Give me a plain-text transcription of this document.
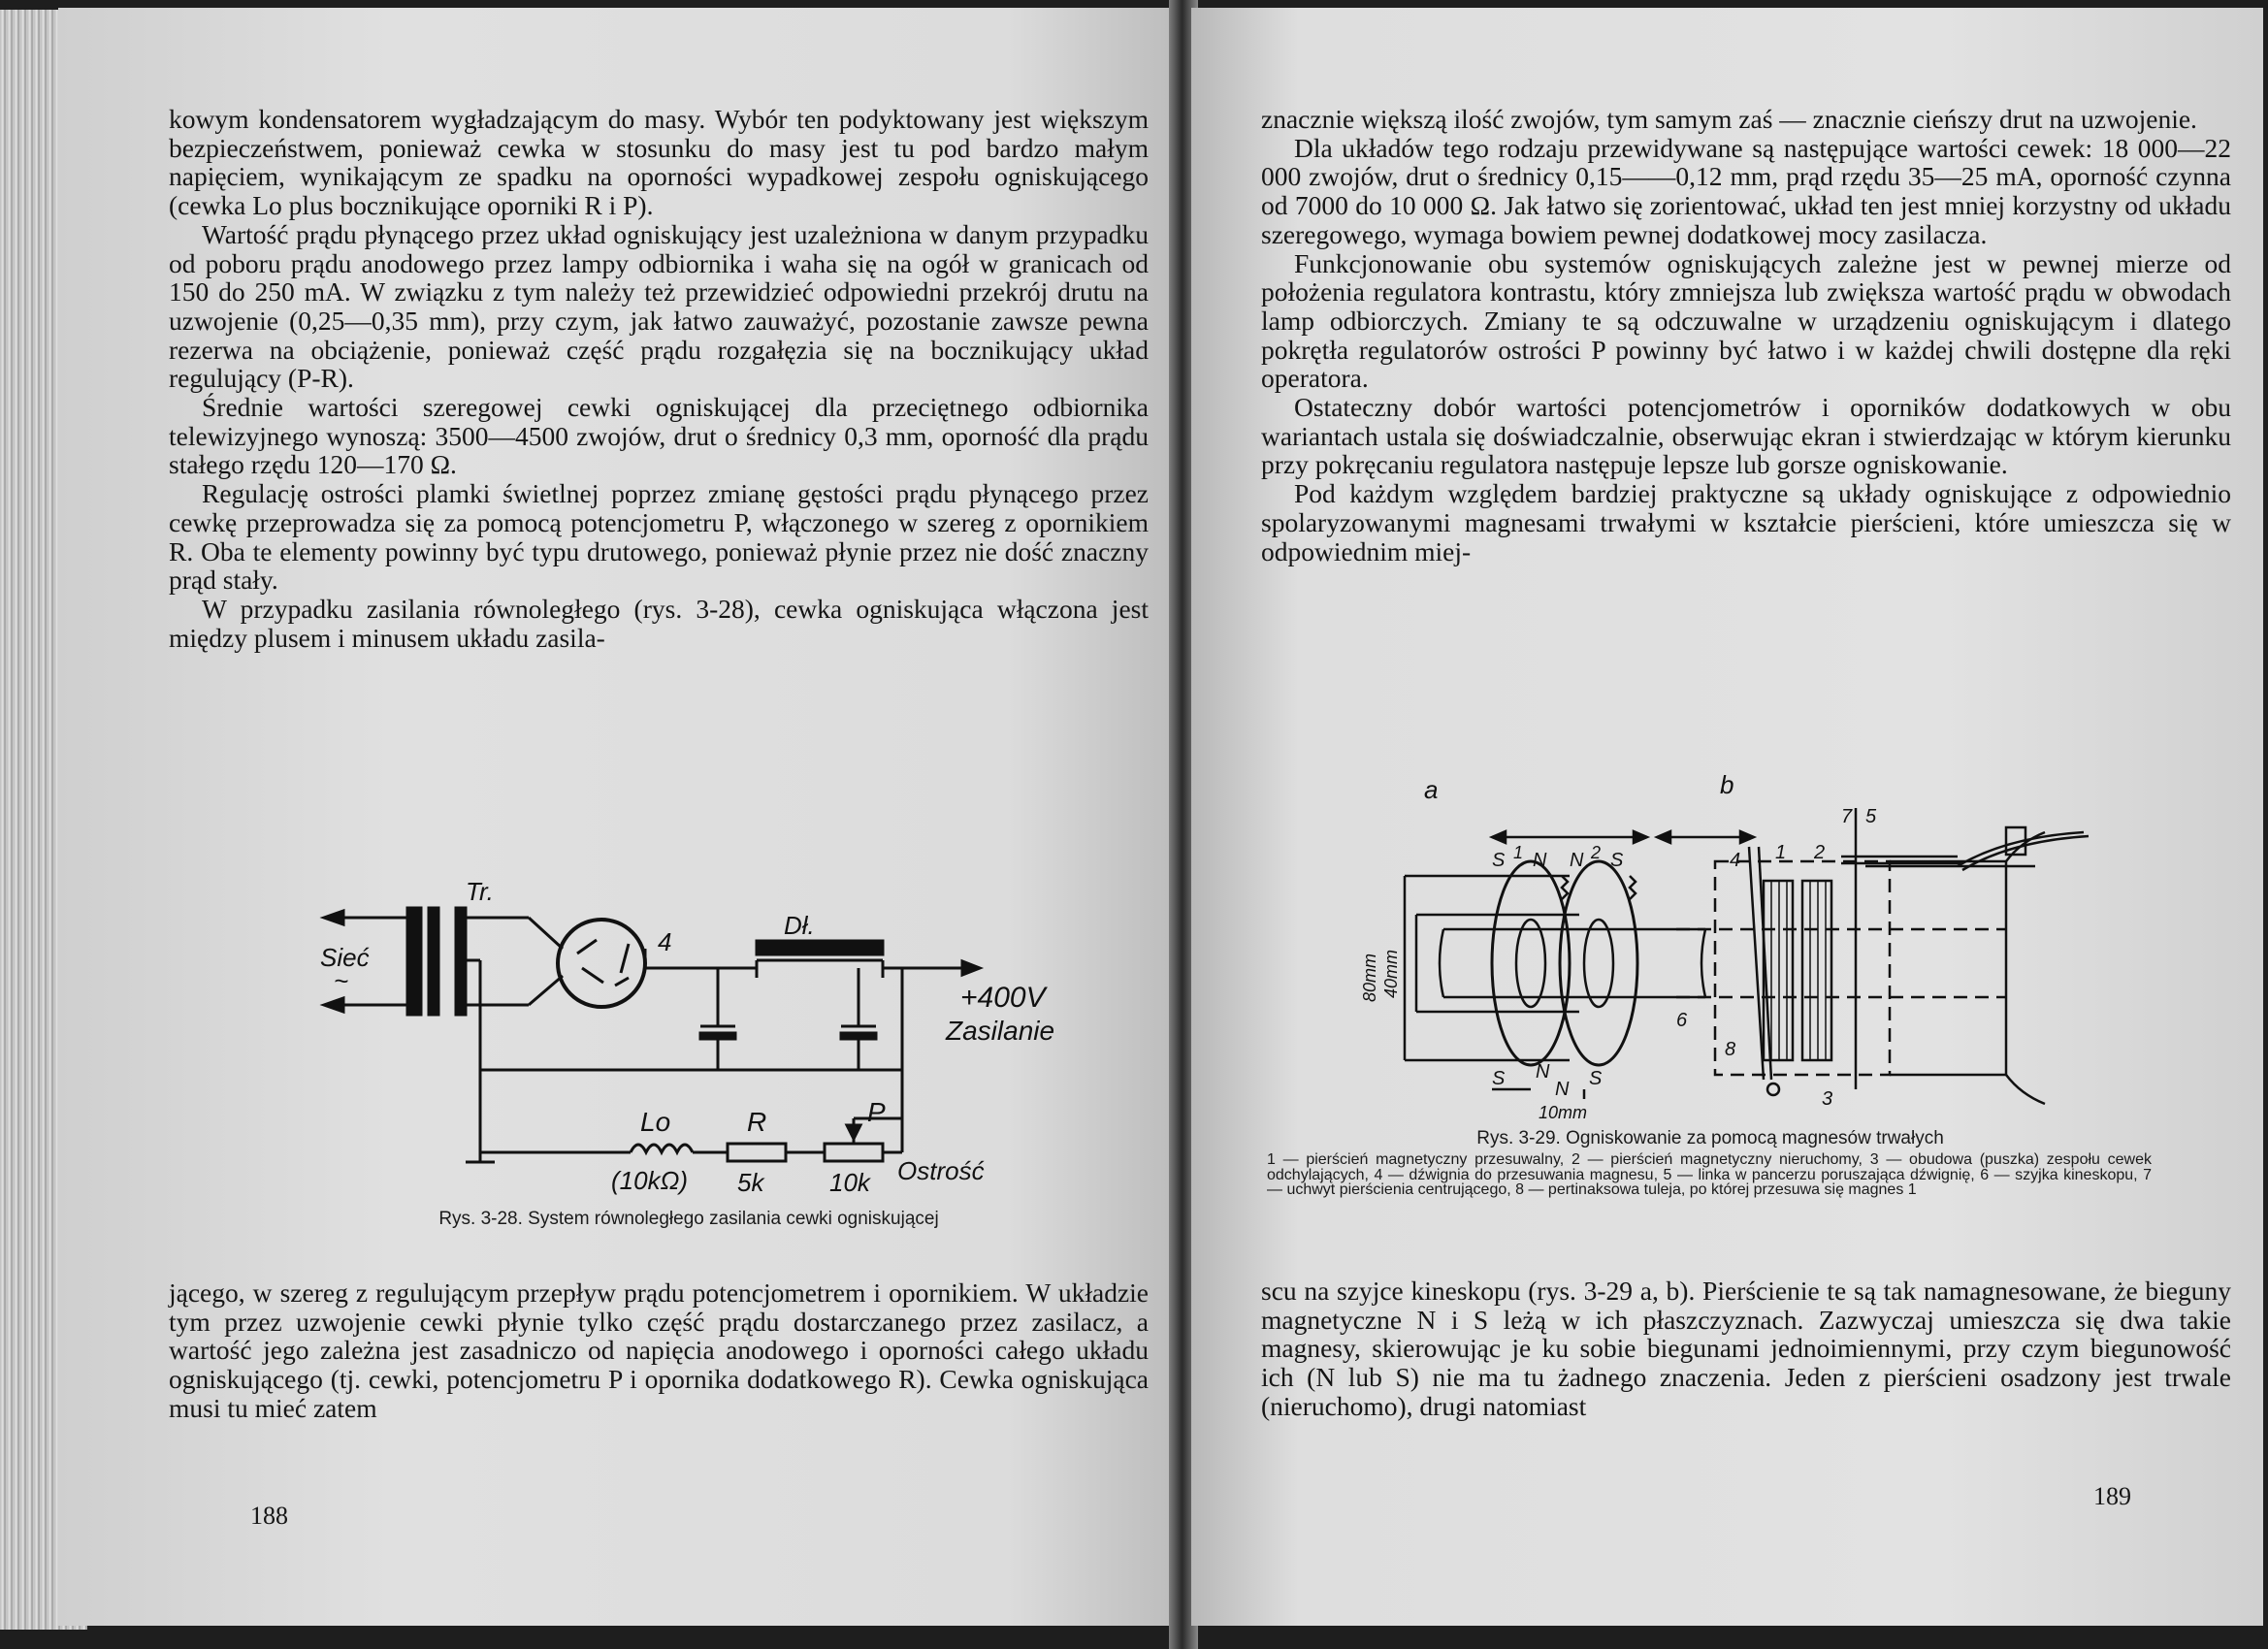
kowym kondensatorem wygładzającym do masy. Wybór ten podyktowany jest większym bezpieczeństwem, ponieważ cewka w stosunku do masy jest tu pod bardzo małym napięciem, wynikającym ze spadku na oporności wypadkowej zespołu ogniskującego (cewka Lo plus bocznikujące oporniki R i P).

Wartość prądu płynącego przez układ ogniskujący jest uzależniona w danym przypadku od poboru prądu anodowego przez lampy odbiornika i waha się na ogół w granicach od 150 do 250 mA. W związku z tym należy też przewidzieć odpowiedni przekrój drutu na uzwojenie (0,25—0,35 mm), przy czym, jak łatwo zauważyć, pozostanie zawsze pewna rezerwa na obciążenie, ponieważ część prądu rozgałęzia się na bocznikujący układ regulujący (P-R).

Średnie wartości szeregowej cewki ogniskującej dla przeciętnego odbiornika telewizyjnego wynoszą: 3500—4500 zwojów, drut o średnicy 0,3 mm, oporność dla prądu stałego rzędu 120—170 Ω.

Regulację ostrości plamki świetlnej poprzez zmianę gęstości prądu płynącego przez cewkę przeprowadza się za pomocą potencjometru P, włączonego w szereg z opornikiem R. Oba te elementy powinny być typu drutowego, ponieważ płynie przez nie dość znaczny prąd stały.

W przypadku zasilania równoległego (rys. 3-28), cewka ogniskująca włączona jest między plusem i minusem układu zasila-

Tr.
Sieć
~
4
Dł.
+400V
Zasilanie
Lo	R	P
(10kΩ) 5k	10k Ostrość
Rys. 3-28. System równoległego zasilania cewki ogniskującej

jącego, w szereg z regulującym przepływ prądu potencjometrem i opornikiem. W układzie tym przez uzwojenie cewki płynie tylko część prądu dostarczanego przez zasilacz, a wartość jego zależna jest zasadniczo od napięcia anodowego i oporności całego układu ogniskującego (tj. cewki, potencjometru P i opornika dodatkowego R). Cewka ogniskująca musi tu mieć zatem

188

znacznie większą ilość zwojów, tym samym zaś — znacznie cieńszy drut na uzwojenie.

Dla układów tego rodzaju przewidywane są następujące wartości cewek: 18 000—22 000 zwojów, drut o średnicy 0,15——0,12 mm, prąd rzędu 35—25 mA, oporność czynna od 7000 do 10 000 Ω. Jak łatwo się zorientować, układ ten jest mniej korzystny od układu szeregowego, wymaga bowiem pewnej dodatkowej mocy zasilacza.

Funkcjonowanie obu systemów ogniskujących zależne jest w pewnej mierze od położenia regulatora kontrastu, który zmniejsza lub zwiększa wartość prądu w obwodach lamp odbiorczych. Zmiany te są odczuwalne w urządzeniu ogniskującym i dlatego pokrętła regulatorów ostrości P powinny być łatwo i w każdej chwili dostępne dla ręki operatora.

Ostateczny dobór wartości potencjometrów i oporników dodatkowych w obu wariantach ustala się doświadczalnie, obserwując ekran i stwierdzając w którym kierunku przy pokręcaniu regulatora następuje lepsze lub gorsze ogniskowanie.

Pod każdym względem bardziej praktyczne są układy ogniskujące z odpowiednio spolaryzowanymi magnesami trwałymi w kształcie pierścieni, które umieszcza się w odpowiednim miej-

a	b
S 1 N N 2 S	1 2
3
4
5
6
7
8
80mm 40mm
S N
N S
10mm
Rys. 3-29. Ogniskowanie za pomocą magnesów trwałych
1 — pierścień magnetyczny przesuwalny, 2 — pierścień magnetyczny nieruchomy, 3 — obudowa (puszka) zespołu cewek odchylających, 4 — dźwignia do przesuwania magnesu, 5 — linka w pancerzu poruszająca dźwignię, 6 — szyjka kineskopu, 7 — uchwyt pierścienia centrującego, 8 — pertinaksowa tuleja, po której przesuwa się magnes 1

scu na szyjce kineskopu (rys. 3-29 a, b). Pierścienie te są tak namagnesowane, że bieguny magnetyczne N i S leżą w ich płaszczyznach. Zazwyczaj umieszcza się dwa takie magnesy, skierowując je ku sobie biegunami jednoimiennymi, przy czym biegunowość ich (N lub S) nie ma tu żadnego znaczenia. Jeden z pierścieni osadzony jest trwale (nieruchomo), drugi natomiast

189
